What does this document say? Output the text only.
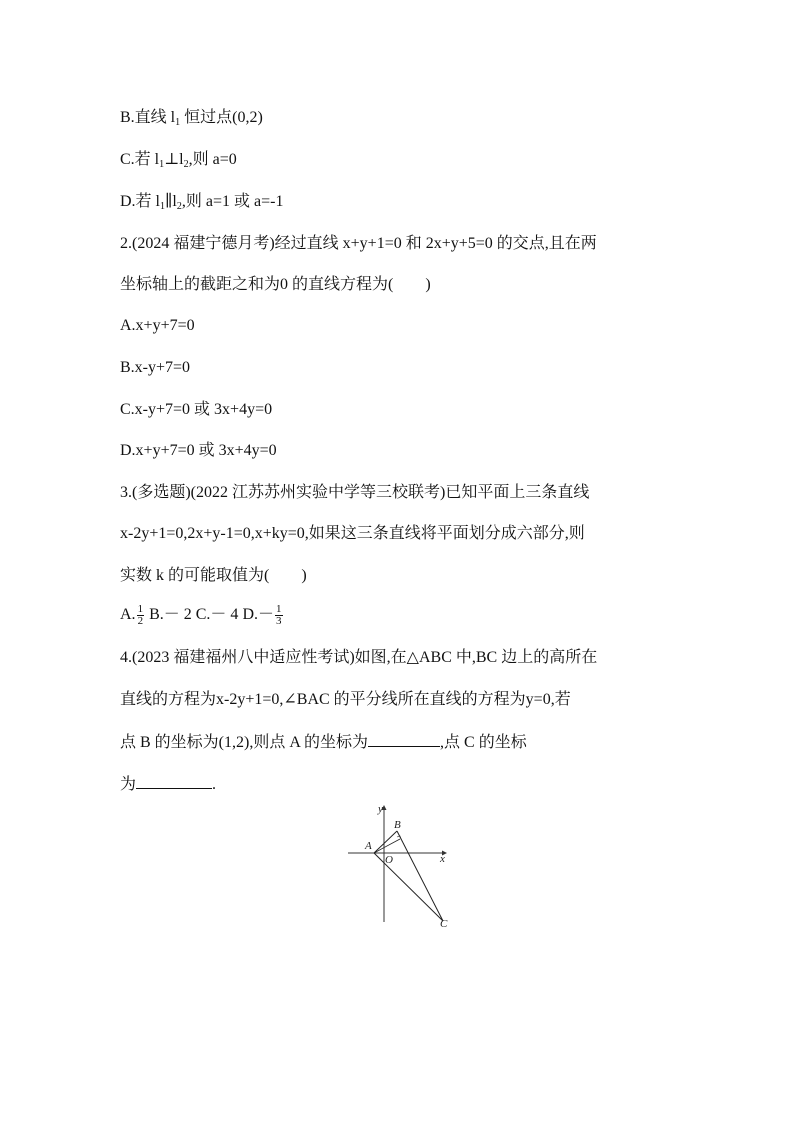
B.直线 $l_1$ 恒过点(0,2)
C.若 $l_1\perp l_2$,则 a=0
D.若 $l_1\parallel l_2$,则 a=1 或 a=-1
2.(2024 福建宁德月考)经过直线 x+y+1=0 和 2x+y+5=0 的交点,且在两
坐标轴上的截距之和为0 的直线方程为(　　)
A.x+y+7=0
B.x-y+7=0
C.x-y+7=0 或 3x+4y=0
D.x+y+7=0 或 3x+4y=0
3.(多选题)(2022 江苏苏州实验中学等三校联考)已知平面上三条直线
x-2y+1=0,2x+y-1=0,x+ky=0,如果这三条直线将平面划分成六部分,则
实数 k 的可能取值为(　　)
A. $\frac{1}{2} B.- 2$ C.－ 4 $D.- \frac{1}{3}$
4.(2023 福建福州八中适应性考试)如图,在△ABC 中,BC 边上的高所在
直线的方程为x-2y+1=0,∠BAC 的平分线所在直线的方程为y=0,若
点 B 的坐标为(1,2),则点 A 的坐标为	,点 C 的坐标
为	.
y
x
A
O
B
C
